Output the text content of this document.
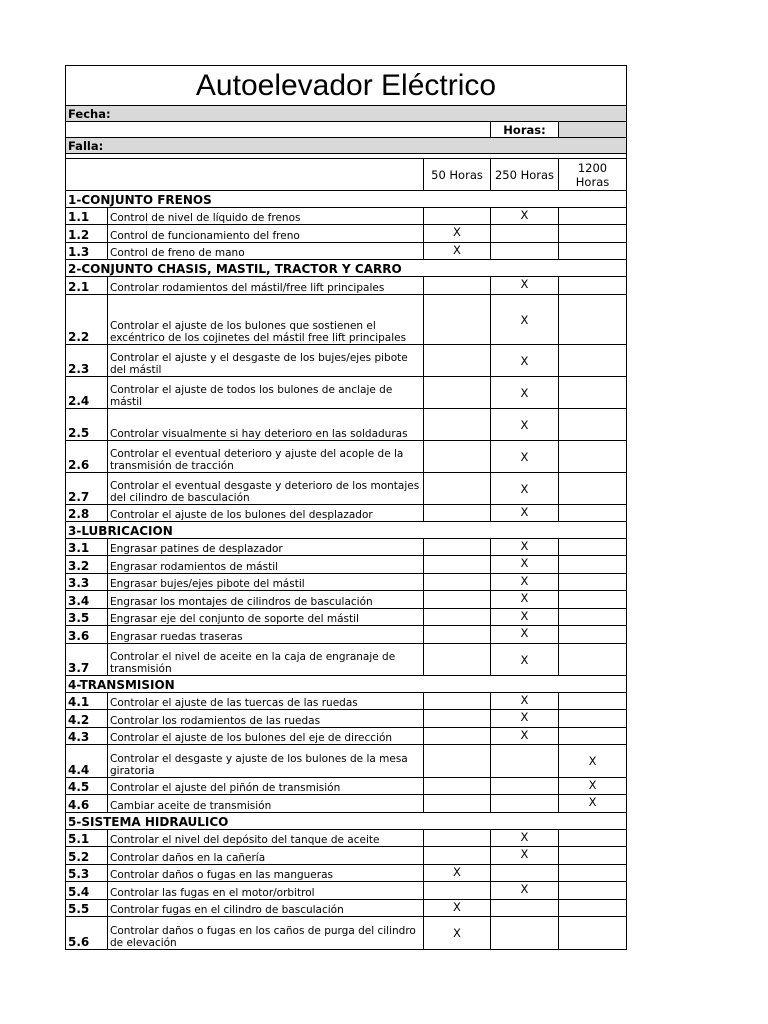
Autoelevador Eléctrico				
Fecha:				
			Horas:	
Falla:				

		50 Horas	250 Horas	1200
Horas
1-CONJUNTO FRENOS				
1.1	Control de nivel de líquido de frenos		X	
1.2	Control de funcionamiento del freno	X		
1.3	Control de freno de mano	X		
2-CONJUNTO CHASIS, MASTIL, TRACTOR Y CARRO				
2.1	Controlar rodamientos del mástil/free lift principales		X	
2.2	Controlar el ajuste de los bulones que sostienen el excéntrico de los cojinetes del mástil free lift principales		X	
2.3	Controlar el ajuste y el desgaste de los bujes/ejes pibote del mástil		X	
2.4	Controlar el ajuste de todos los bulones de anclaje de mástil		X	
2.5	Controlar visualmente si hay deterioro en las soldaduras		X	
2.6	Controlar el eventual deterioro y ajuste del acople de la transmisión de tracción		X	
2.7	Controlar el eventual desgaste y deterioro de los montajes del cilindro de basculación		X	
2.8	Controlar el ajuste de los bulones del desplazador		X	
3-LUBRICACION				
3.1	Engrasar patines de desplazador		X	
3.2	Engrasar rodamientos de mástil		X	
3.3	Engrasar bujes/ejes pibote del mástil		X	
3.4	Engrasar los montajes de cilindros de basculación		X	
3.5	Engrasar eje del conjunto de soporte del mástil		X	
3.6	Engrasar ruedas traseras		X	
3.7	Controlar el nivel de aceite en la caja de engranaje de transmisión		X	
4-TRANSMISION				
4.1	Controlar el ajuste de las tuercas de las ruedas		X	
4.2	Controlar los rodamientos de las ruedas		X	
4.3	Controlar el ajuste de los bulones del eje de dirección		X	
4.4	Controlar el desgaste y ajuste de los bulones de la mesa giratoria			X
4.5	Controlar el ajuste del piñón de transmisión			X
4.6	Cambiar aceite de transmisión			X
5-SISTEMA HIDRAULICO				
5.1	Controlar el nivel del depósito del tanque de aceite		X	
5.2	Controlar daños en la cañería		X	
5.3	Controlar daños o fugas en las mangueras	X		
5.4	Controlar las fugas en el motor/orbitrol		X	
5.5	Controlar fugas en el cilindro de basculación	X		
5.6	Controlar daños o fugas en los caños de purga del cilindro de elevación	X		
